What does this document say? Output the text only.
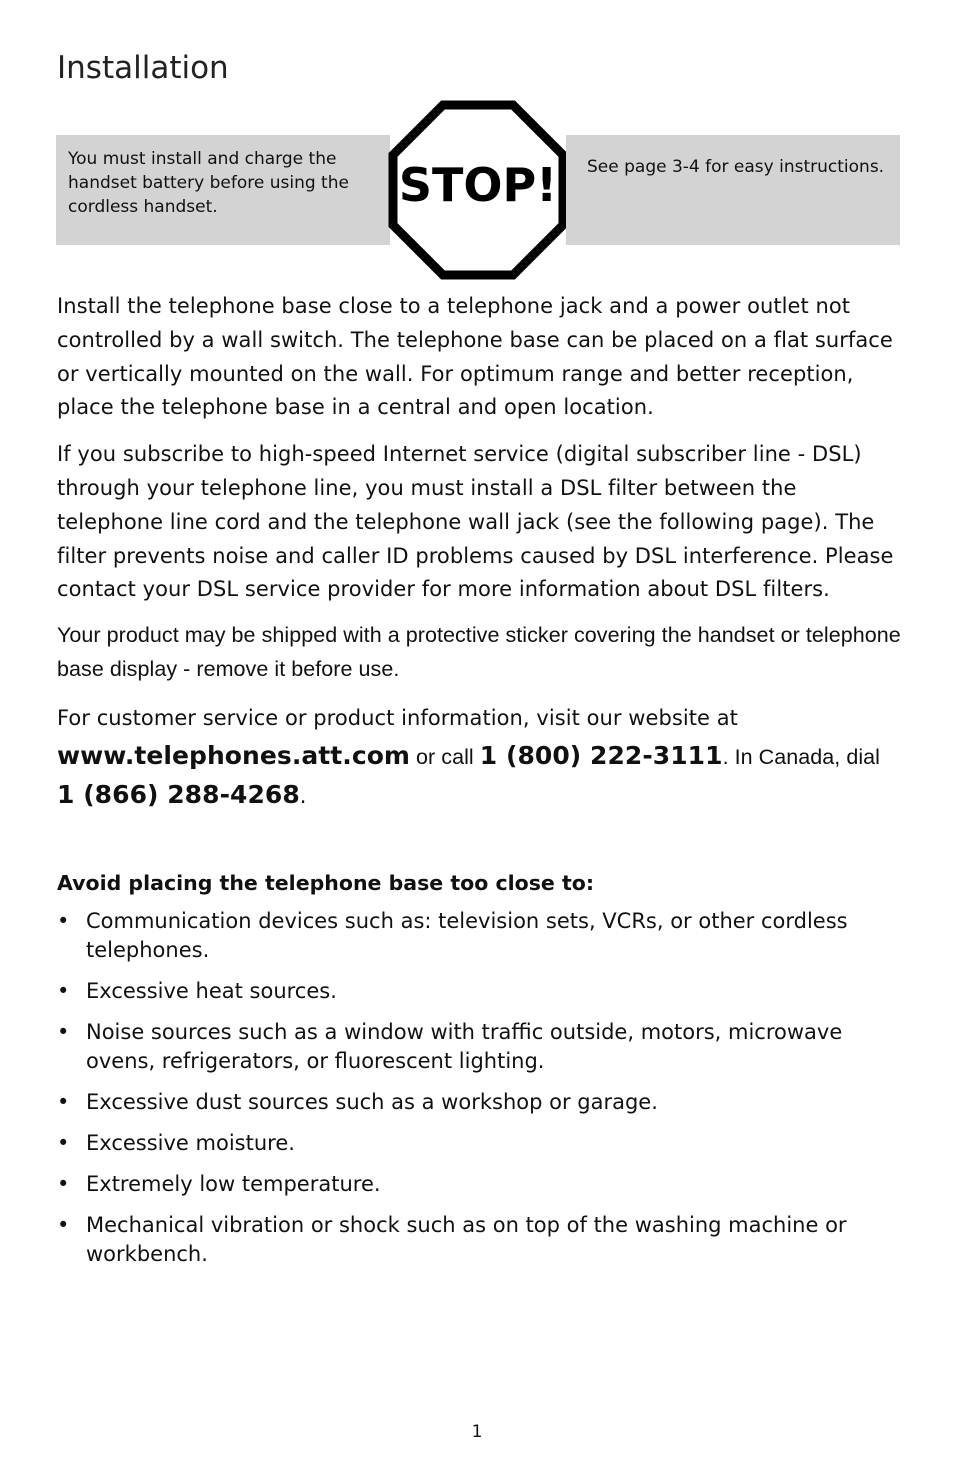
Installation
You must install and charge the handset battery before using the cordless handset.	STOP!	See page 3-4 for easy instructions.

Install the telephone base close to a telephone jack and a power outlet not controlled by a wall switch. The telephone base can be placed on a flat surface or vertically mounted on the wall. For optimum range and better reception, place the telephone base in a central and open location.

If you subscribe to high-speed Internet service (digital subscriber line - DSL) through your telephone line, you must install a DSL filter between the telephone line cord and the telephone wall jack (see the following page). The filter prevents noise and caller ID problems caused by DSL interference. Please contact your DSL service provider for more information about DSL filters.

Your product may be shipped with a protective sticker covering the handset or telephone base display - remove it before use.

For customer service or product information, visit our website at
www.telephones.att.com or call 1 (800) 222-3111. In Canada, dial
1 (866) 288-4268.

Avoid placing the telephone base too close to:
• Communication devices such as: television sets, VCRs, or other cordless telephones.
• Excessive heat sources.
• Noise sources such as a window with traffic outside, motors, microwave ovens, refrigerators, or fluorescent lighting.
• Excessive dust sources such as a workshop or garage.
• Excessive moisture.
• Extremely low temperature.
• Mechanical vibration or shock such as on top of the washing machine or workbench.
1
